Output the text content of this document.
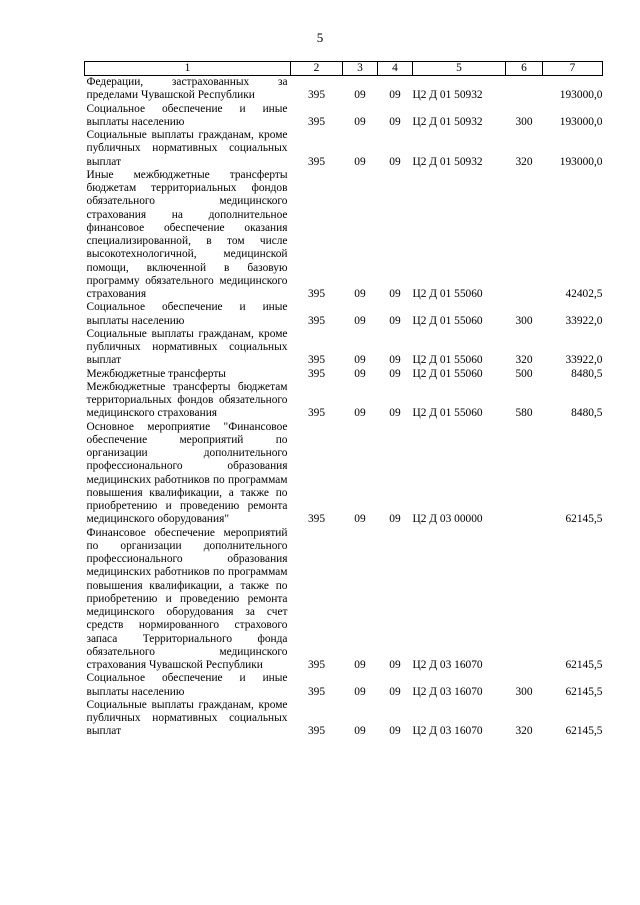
5
1	2	3	4	5	6	7
Федерации, застрахованных за пределами Чувашской Республики	395	09	09	Ц2 Д 01 50932		193000,0
Социальное обеспечение и иные выплаты населению	395	09	09	Ц2 Д 01 50932	300	193000,0
Социальные выплаты гражданам, кроме публичных нормативных социальных выплат	395	09	09	Ц2 Д 01 50932	320	193000,0
Иные межбюджетные трансферты бюджетам территориальных фондов обязательного медицинского страхования на дополнительное финансовое обеспечение оказания специализированной, в том числе высокотехнологичной, медицинской помощи, включенной в базовую программу обязательного медицинского страхования	395	09	09	Ц2 Д 01 55060		42402,5
Социальное обеспечение и иные выплаты населению	395	09	09	Ц2 Д 01 55060	300	33922,0
Социальные выплаты гражданам, кроме публичных нормативных социальных выплат	395	09	09	Ц2 Д 01 55060	320	33922,0
Межбюджетные трансферты	395	09	09	Ц2 Д 01 55060	500	8480,5
Межбюджетные трансферты бюджетам территориальных фондов обязательного медицинского страхования	395	09	09	Ц2 Д 01 55060	580	8480,5
Основное мероприятие "Финансовое обеспечение мероприятий по организации дополнительного профессионального образования медицинских работников по программам повышения квалификации, а также по приобретению и проведению ремонта медицинского оборудования"	395	09	09	Ц2 Д 03 00000		62145,5
Финансовое обеспечение мероприятий по организации дополнительного профессионального образования медицинских работников по программам повышения квалификации, а также по приобретению и проведению ремонта медицинского оборудования за счет средств нормированного страхового запаса Территориального фонда обязательного медицинского страхования Чувашской Республики	395	09	09	Ц2 Д 03 16070		62145,5
Социальное обеспечение и иные выплаты населению	395	09	09	Ц2 Д 03 16070	300	62145,5
Социальные выплаты гражданам, кроме публичных нормативных социальных выплат	395	09	09	Ц2 Д 03 16070	320	62145,5
